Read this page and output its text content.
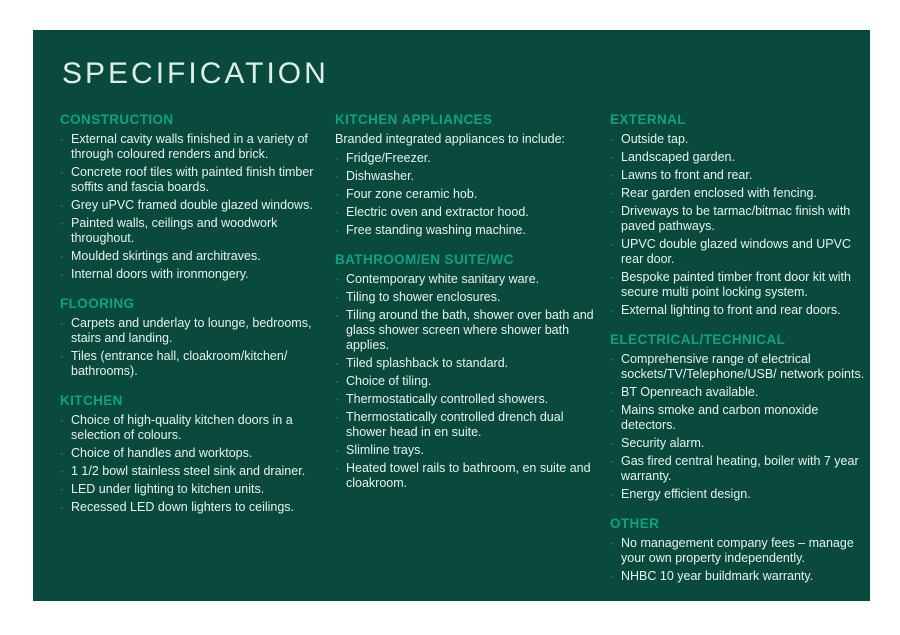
SPECIFICATION
CONSTRUCTION
· External cavity walls finished in a variety of through coloured renders and brick.
· Concrete roof tiles with painted finish timber soffits and fascia boards.
· Grey uPVC framed double glazed windows.
· Painted walls, ceilings and woodwork throughout.
· Moulded skirtings and architraves.
· Internal doors with ironmongery.
FLOORING
· Carpets and underlay to lounge, bedrooms, stairs and landing.
· Tiles (entrance hall, cloakroom/kitchen/ bathrooms).
KITCHEN
· Choice of high-quality kitchen doors in a selection of colours.
· Choice of handles and worktops.
· 1 1/2 bowl stainless steel sink and drainer.
· LED under lighting to kitchen units.
· Recessed LED down lighters to ceilings.
KITCHEN APPLIANCES

Branded integrated appliances to include:

· Fridge/Freezer.
· Dishwasher.
· Four zone ceramic hob.
· Electric oven and extractor hood.
· Free standing washing machine.
BATHROOM/EN SUITE/WC
· Contemporary white sanitary ware.
· Tiling to shower enclosures.
· Tiling around the bath, shower over bath and glass shower screen where shower bath applies.
· Tiled splashback to standard.
· Choice of tiling.
· Thermostatically controlled showers.
· Thermostatically controlled drench dual shower head in en suite.
· Slimline trays.
· Heated towel rails to bathroom, en suite and cloakroom.
EXTERNAL
· Outside tap.
· Landscaped garden.
· Lawns to front and rear.
· Rear garden enclosed with fencing.
· Driveways to be tarmac/bitmac finish with paved pathways.
· UPVC double glazed windows and UPVC rear door.
· Bespoke painted timber front door kit with secure multi point locking system.
· External lighting to front and rear doors.
ELECTRICAL/TECHNICAL
· Comprehensive range of electrical sockets/TV/Telephone/USB/ network points.
· BT Openreach available.
· Mains smoke and carbon monoxide detectors.
· Security alarm.
· Gas fired central heating, boiler with 7 year warranty.
· Energy efficient design.
OTHER
· No management company fees – manage your own property independently.
· NHBC 10 year buildmark warranty.
